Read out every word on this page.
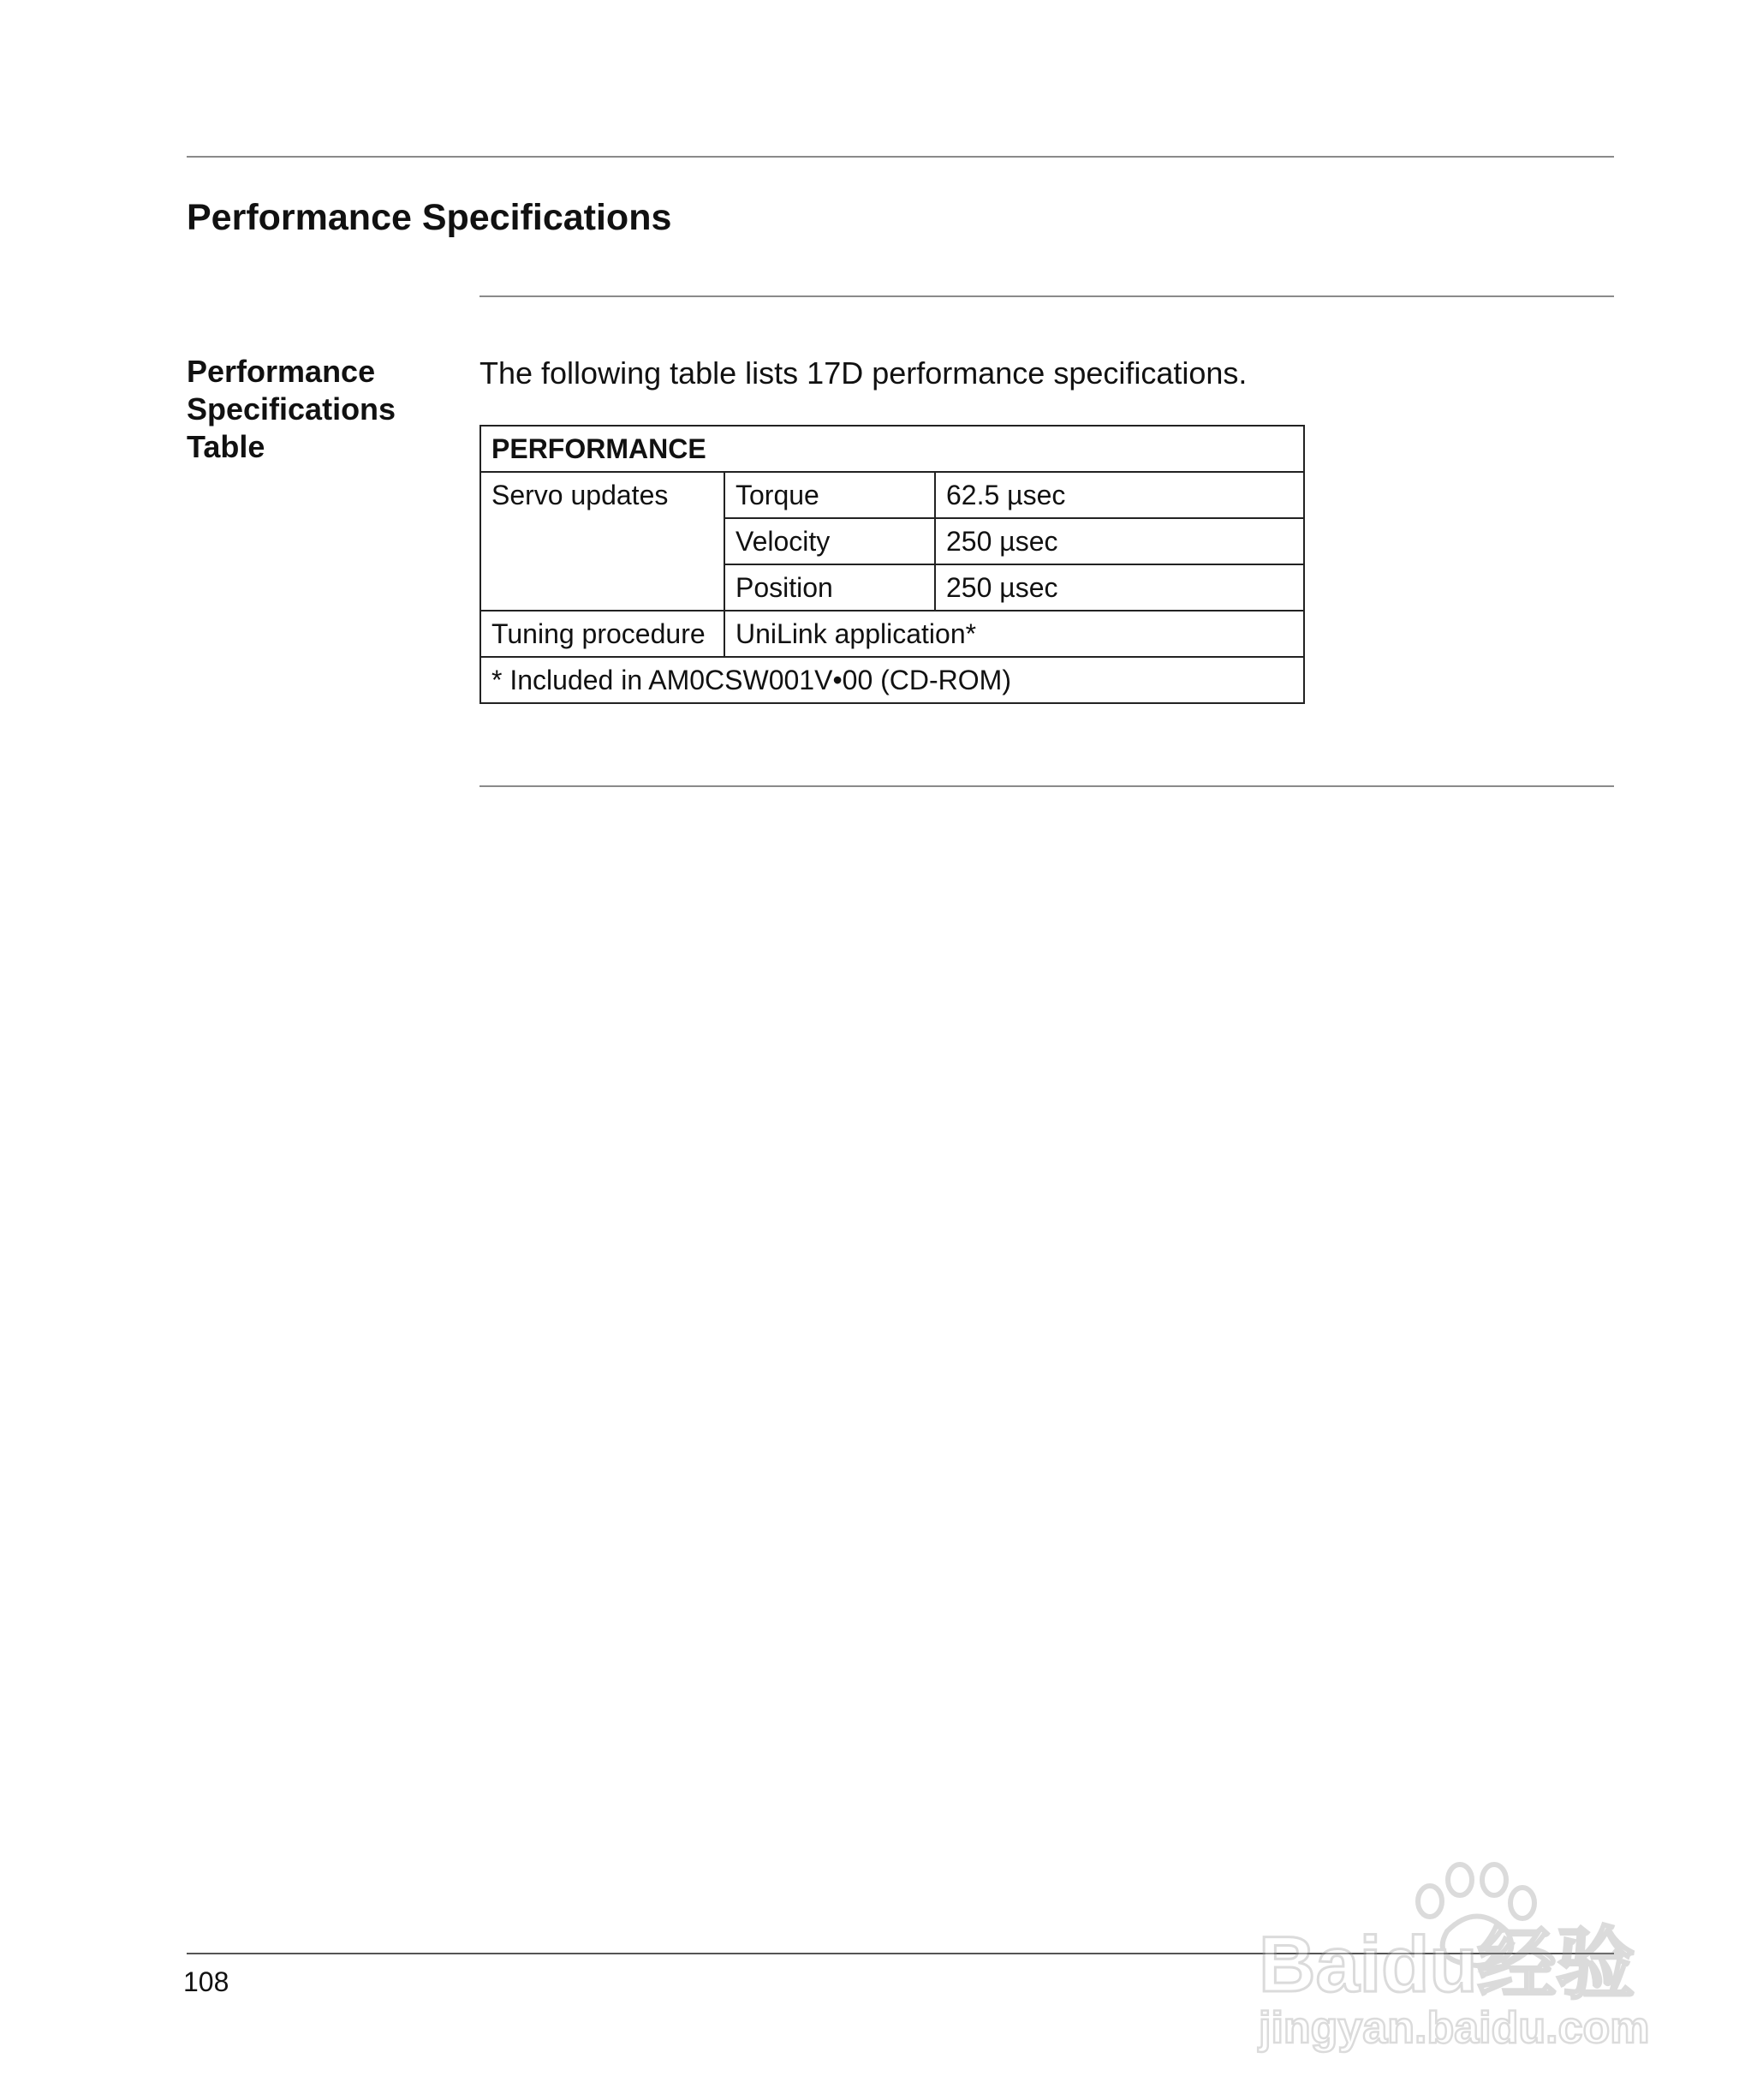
Performance Specifications
Performance
Specifications
Table

The following table lists 17D performance specifications.

PERFORMANCE		
Servo updates	Torque	62.5 µsec
	Velocity	250 µsec
	Position	250 µsec
Tuning procedure	UniLink application*	
* Included in AM0CSW001V•00 (CD-ROM)		
108	Baidu经验
jingyan.baidu.com
